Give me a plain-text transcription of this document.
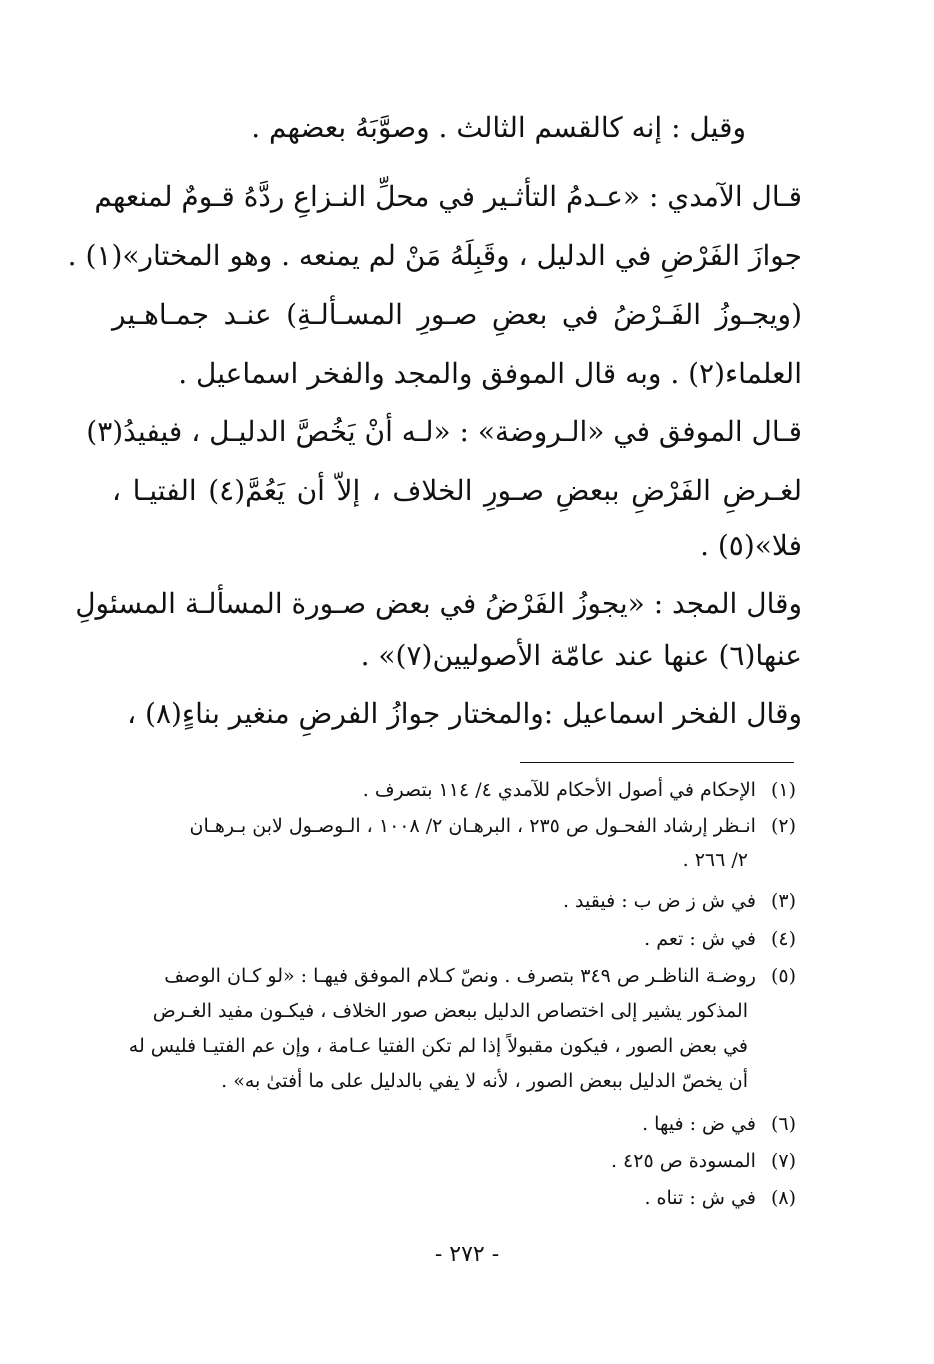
وقيل : إنه كالقسم الثالث . وصوَّبَهُ بعضهم .
قـال الآمدي : «عـدمُ التأثـير في محلِّ النـزاعِ ردَّهُ قـومٌ لمنعهم
جوازَ الفَرْضِ في الدليل ، وقَبِلَهُ مَنْ لم يمنعه . وهو المختار»(١) .
(ويجـوزُ الفَـرْضُ في بعضِ صـورِ المسـألـةِ) عنـد جمـاهـير
العلماء(٢) . وبه قال الموفق والمجد والفخر اسماعيل .
قـال الموفق في «الـروضة» : «لـه أنْ يَخُصَّ الدليـل ، فيفيدُ(٣)
لغـرضِ الفَرْضِ ببعضِ صـورِ الخلاف ، إلاّ أن يَعُمَّ(٤) الفتيـا ،
فلا»(٥) .
وقال المجد : «يجوزُ الفَرْضُ في بعض صـورة المسألـة المسئولِ
عنها(٦) عنها عند عامّة الأصوليين(٧)» .
وقال الفخر اسماعيل :والمختار جوازُ الفرضِ منغير بناءٍ(٨) ،
(١) الإحكام في أصول الأحكام للآمدي ٤/ ١١٤ بتصرف .
(٢) انـظر إرشاد الفحـول ص ٢٣٥ ، البرهـان ٢/ ١٠٠٨ ، الـوصـول لابن بـرهـان
٢/ ٢٦٦ .
(٣) في ش ز ض ب : فيقيد .
(٤) في ش : تعم .
(٥) روضـة الناظـر ص ٣٤٩ بتصرف . ونصّ كـلام الموفق فيهـا : «لو كـان الوصف
المذكور يشير إلى اختصاص الدليل ببعض صور الخلاف ، فيكـون مفيد الغـرض
في بعض الصور ، فيكون مقبولاً إذا لم تكن الفتيا عـامة ، وإن عم الفتيـا فليس له
أن يخصّ الدليل ببعض الصور ، لأنه لا يفي بالدليل على ما أفتىٰ به» .
(٦) في ض : فيها .
(٧) المسودة ص ٤٢٥ .
(٨) في ش : تناه .
- ٢٧٢ -
